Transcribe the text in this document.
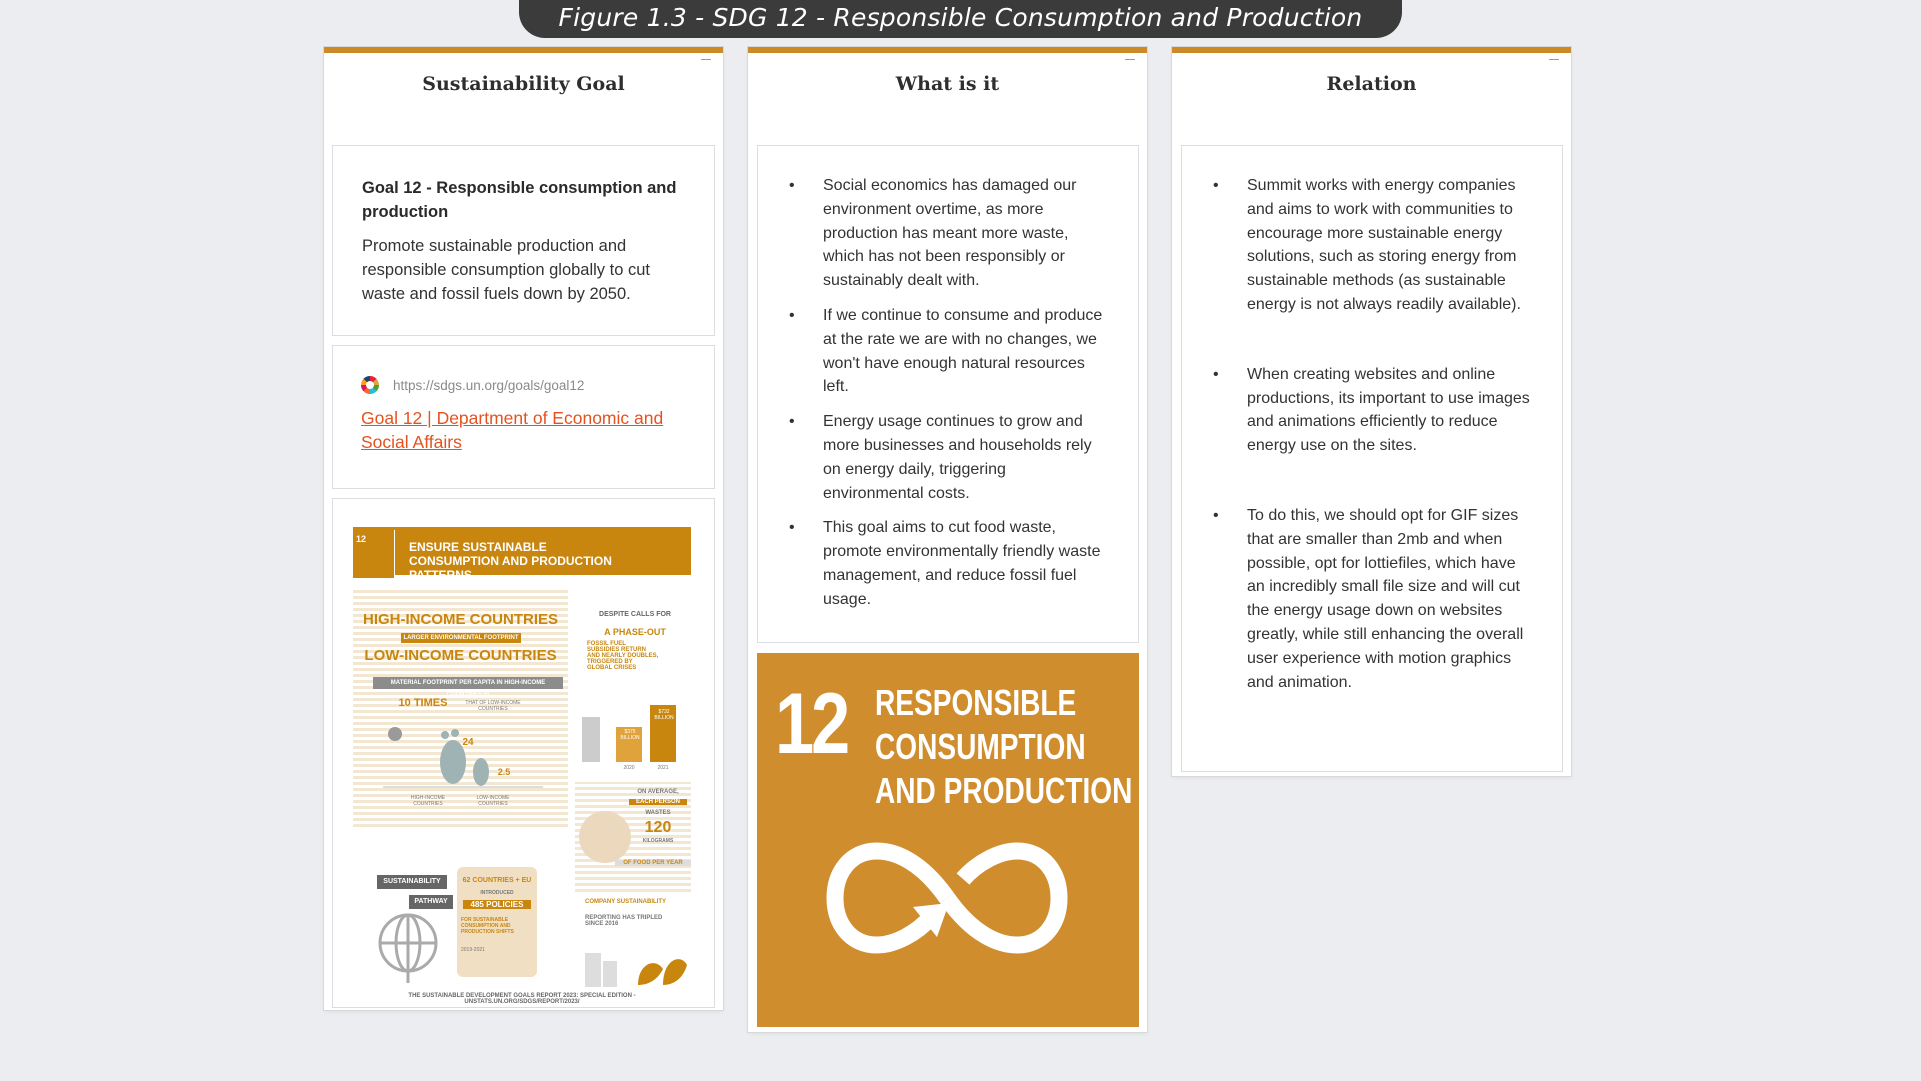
Figure 1.3 - SDG 12 - Responsible Consumption and Production
Sustainability Goal
Goal 12 - Responsible consumption and production
Promote sustainable production and responsible consumption globally to cut waste and fossil fuels down by 2050.
https://sdgs.un.org/goals/goal12
Goal 12 | Department of Economic and Social Affairs
12
ENSURE SUSTAINABLE CONSUMPTION AND PRODUCTION PATTERNS
HIGH-INCOME COUNTRIES
LARGER ENVIRONMENTAL FOOTPRINT
LOW-INCOME COUNTRIES
MATERIAL FOOTPRINT PER CAPITA IN HIGH-INCOME COUNTRIES IS
10 TIMES	THAT OF LOW-INCOME COUNTRIES
24
2.5
HIGH-INCOME COUNTRIES
LOW-INCOME COUNTRIES
DESPITE CALLS FOR
A PHASE-OUT
FOSSIL FUEL SUBSIDIES RETURN AND NEARLY DOUBLES, TRIGGERED BY GLOBAL CRISES
$375 BILLION
$732 BILLION
2020	2021
ON AVERAGE,
EACH PERSON
WASTES
120
KILOGRAMS
OF FOOD PER YEAR
SUSTAINABILITY
PATHWAY
62 COUNTRIES + EU
INTRODUCED
485 POLICIES
FOR SUSTAINABLE CONSUMPTION AND PRODUCTION SHIFTS
2019-2021
COMPANY SUSTAINABILITY
REPORTING HAS TRIPLED SINCE 2016
THE SUSTAINABLE DEVELOPMENT GOALS REPORT 2023: SPECIAL EDITION - UNSTATS.UN.ORG/SDGS/REPORT/2023/
What is it
• Social economics has damaged our environment overtime, as more production has meant more waste, which has not been responsibly or sustainably dealt with.
• If we continue to consume and produce at the rate we are with no changes, we won't have enough natural resources left.
• Energy usage continues to grow and more businesses and households rely on energy daily, triggering environmental costs.
• This goal aims to cut food waste, promote environmentally friendly waste management, and reduce fossil fuel usage.
12 RESPONSIBLE
CONSUMPTION
AND PRODUCTION
Relation
• Summit works with energy companies and aims to work with communities to encourage more sustainable energy solutions, such as storing energy from sustainable methods (as sustainable energy is not always readily available).
• When creating websites and online productions, its important to use images and animations efficiently to reduce energy use on the sites.
• To do this, we should opt for GIF sizes that are smaller than 2mb and when possible, opt for lottiefiles, which have an incredibly small file size and will cut the energy usage down on websites greatly, while still enhancing the overall user experience with motion graphics and animation.
